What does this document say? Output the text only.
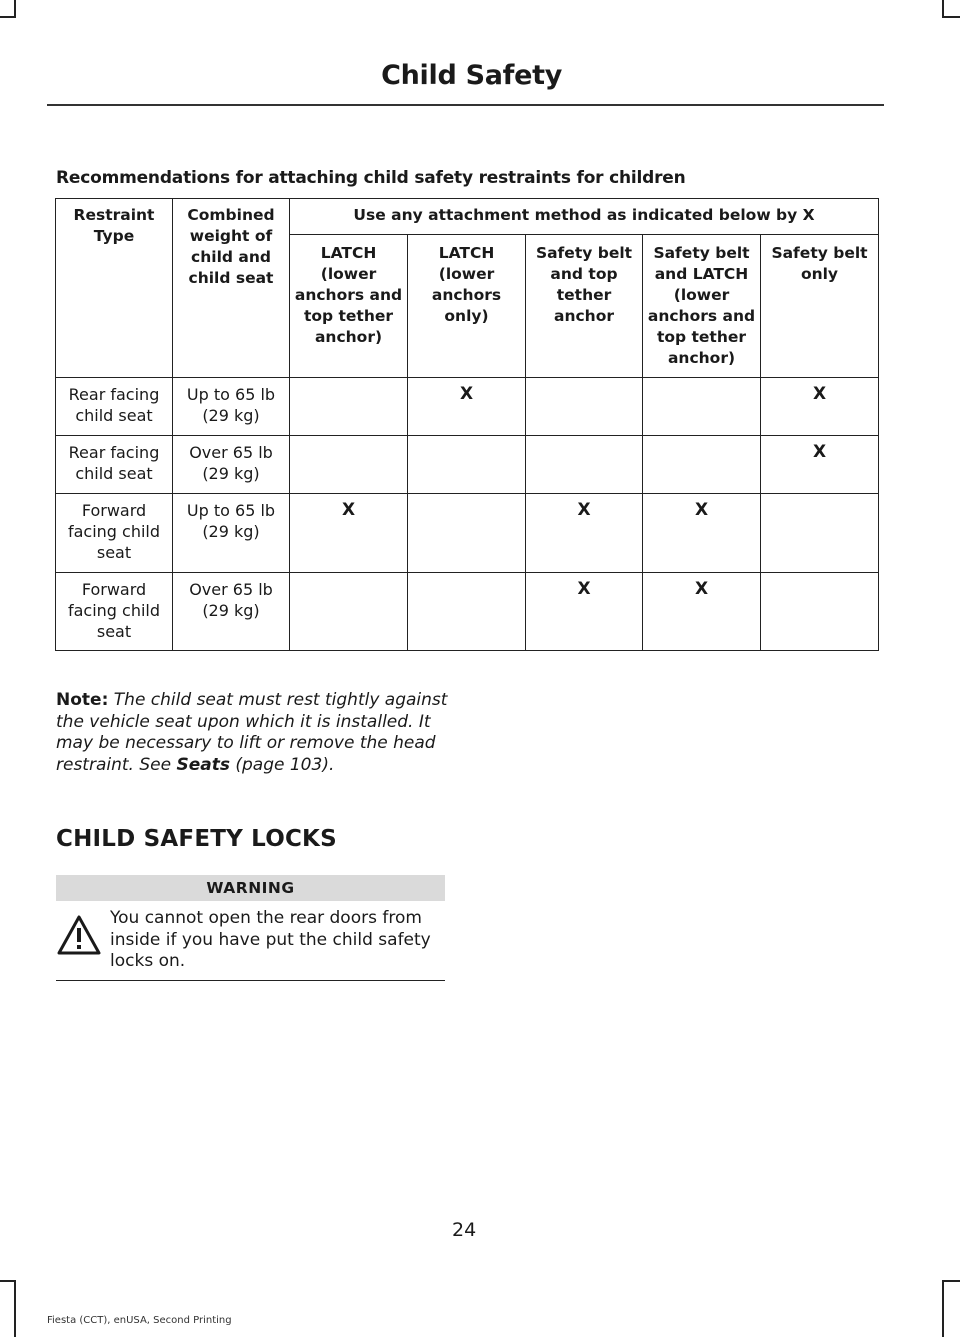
Child Safety
Recommendations for attaching child safety restraints for children
Restraint Type	Combined weight of child and child seat	Use any attachment method as indicated below by X				
		LATCH (lower anchors and top tether anchor)	LATCH (lower anchors only)	Safety belt and top tether anchor	Safety belt and LATCH (lower anchors and top tether anchor)	Safety belt only
Rear facing child seat	Up to 65 lb (29 kg)		X			X
Rear facing child seat	Over 65 lb (29 kg)					X
Forward facing child seat	Up to 65 lb (29 kg)	X		X	X	
Forward facing child seat	Over 65 lb (29 kg)			X	X	
Note: The child seat must rest tightly against the vehicle seat upon which it is installed. It may be necessary to lift or remove the head restraint. See Seats (page 103).
CHILD SAFETY LOCKS
WARNING
You cannot open the rear doors from inside if you have put the child safety locks on.
24
Fiesta (CCT), enUSA, Second Printing
